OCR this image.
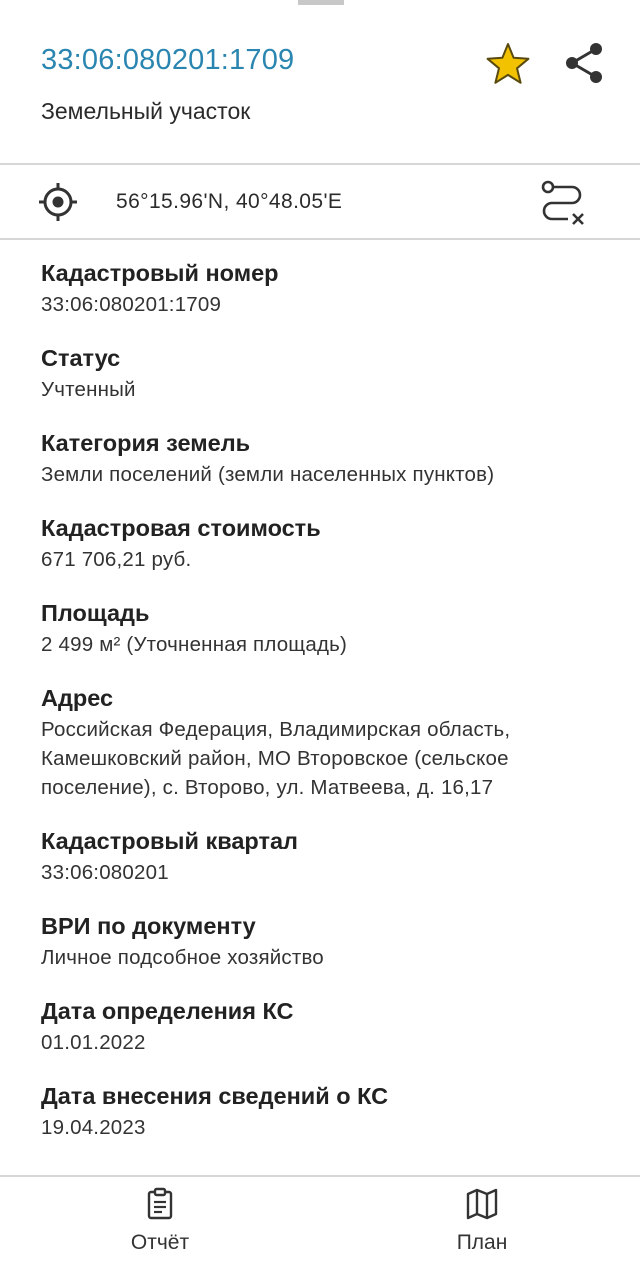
33:06:080201:1709
Земельный участок
56°15.96'N, 40°48.05'E
Кадастровый номер
33:06:080201:1709
Статус
Учтенный
Категория земель
Земли поселений (земли населенных пунктов)
Кадастровая стоимость
671 706,21 руб.
Площадь
2 499 м² (Уточненная площадь)
Адрес
Российская Федерация, Владимирская область, Камешковский район, МО Второвское (сельское поселение), с. Второво, ул. Матвеева, д. 16,17
Кадастровый квартал
33:06:080201
ВРИ по документу
Личное подсобное хозяйство
Дата определения КС
01.01.2022
Дата внесения сведений о КС
19.04.2023
Отчёт	План
